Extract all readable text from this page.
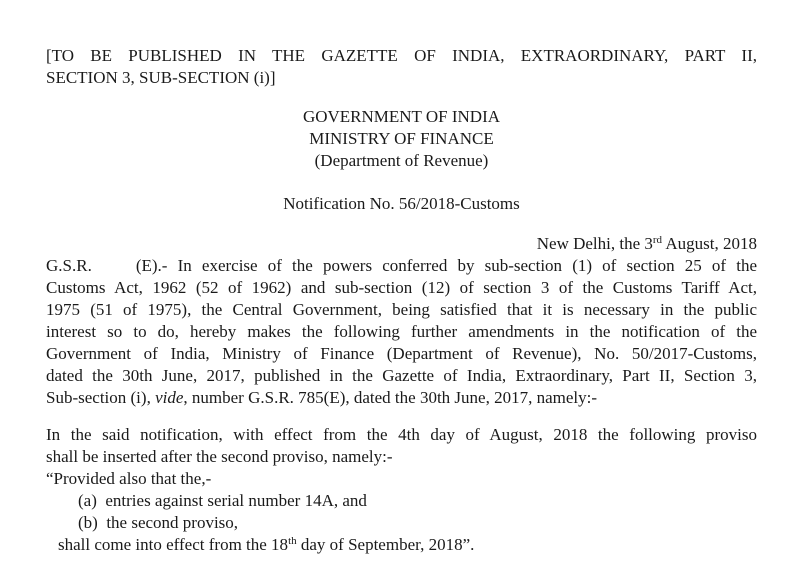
[TO BE PUBLISHED IN THE GAZETTE OF INDIA, EXTRAORDINARY, PART II,
SECTION 3, SUB-SECTION (i)]
GOVERNMENT OF INDIA
MINISTRY OF FINANCE
(Department of Revenue)
Notification No. 56/2018-Customs
New Delhi, the 3rd August, 2018
G.S.R.	(E).- In exercise of the powers conferred by sub-section (1) of section 25 of the
Customs Act, 1962 (52 of 1962) and sub-section (12) of section 3 of the Customs Tariff Act,
1975 (51 of 1975), the Central Government, being satisfied that it is necessary in the public
interest so to do, hereby makes the following further amendments in the notification of the
Government of India, Ministry of Finance (Department of Revenue), No. 50/2017-Customs,
dated the 30th June, 2017, published in the Gazette of India, Extraordinary, Part II, Section 3,
Sub-section (i), vide, number G.S.R. 785(E), dated the 30th June, 2017, namely:-
In the said notification, with effect from the 4th day of August, 2018 the following proviso
shall be inserted after the second proviso, namely:-
“Provided also that the,-
(a)  entries against serial number 14A, and
(b)  the second proviso,
shall come into effect from the 18th day of September, 2018”.
